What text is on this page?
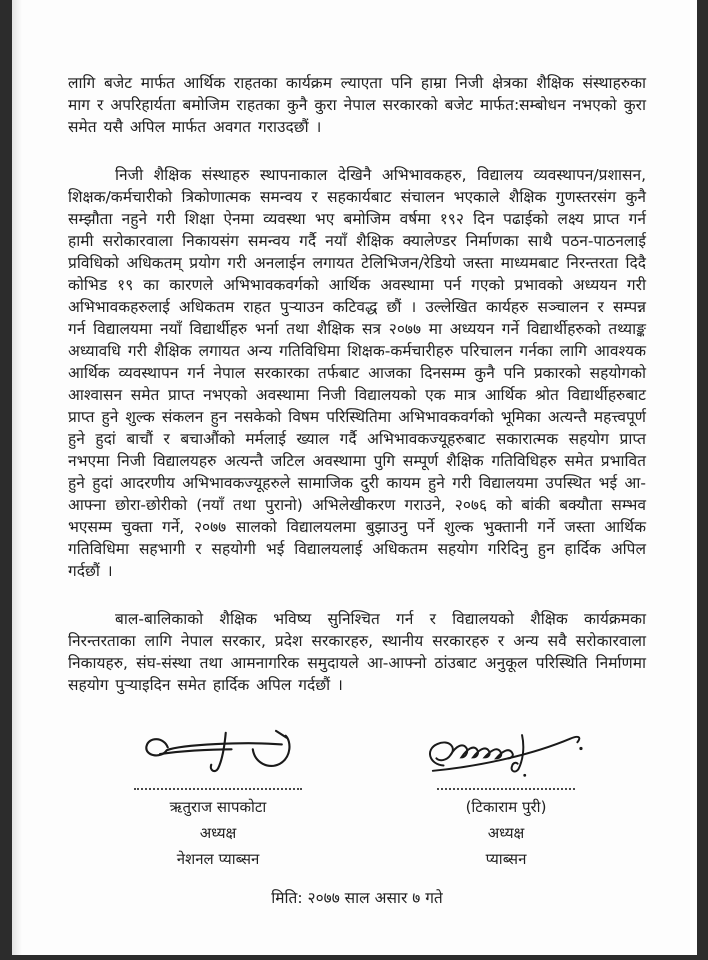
लागि बजेट मार्फत आर्थिक राहतका कार्यक्रम ल्याएता पनि हाम्रा निजी क्षेत्रका शैक्षिक संस्थाहरुका माग र अपरिहार्यता बमोजिम राहतका कुनै कुरा नेपाल सरकारको बजेट मार्फत:सम्बोधन नभएको कुरा समेत यसै अपिल मार्फत अवगत गराउदछौं ।

निजी शैक्षिक संस्थाहरु स्थापनाकाल देखिनै अभिभावकहरु, विद्यालय व्यवस्थापन/प्रशासन, शिक्षक/कर्मचारीको त्रिकोणात्मक समन्वय र सहकार्यबाट संचालन भएकाले शैक्षिक गुणस्तरसंग कुनै सम्झौता नहुने गरी शिक्षा ऐनमा व्यवस्था भए बमोजिम वर्षमा १९२ दिन पढाईको लक्ष्य प्राप्त गर्न हामी सरोकारवाला निकायसंग समन्वय गर्दै नयाँ शैक्षिक क्यालेण्डर निर्माणका साथै पठन-पाठनलाई प्रविधिको अधिकतम् प्रयोग गरी अनलाईन लगायत टेलिभिजन/रेडियो जस्ता माध्यमबाट निरन्तरता दिदै कोभिड १९ का कारणले अभिभावकवर्गको आर्थिक अवस्थामा पर्न गएको प्रभावको अध्ययन गरी अभिभावकहरुलाई अधिकतम राहत पुऱ्याउन कटिवद्ध छौं । उल्लेखित कार्यहरु सञ्चालन र सम्पन्न गर्न विद्यालयमा नयाँ विद्यार्थीहरु भर्ना तथा शैक्षिक सत्र २०७७ मा अध्ययन गर्ने विद्यार्थीहरुको तथ्याङ्क अध्यावधि गरी शैक्षिक लगायत अन्य गतिविधिमा शिक्षक-कर्मचारीहरु परिचालन गर्नका लागि आवश्यक आर्थिक व्यवस्थापन गर्न नेपाल सरकारका तर्फबाट आजका दिनसम्म कुनै पनि प्रकारको सहयोगको आश्वासन समेत प्राप्त नभएको अवस्थामा निजी विद्यालयको एक मात्र आर्थिक श्रोत विद्यार्थीहरुबाट प्राप्त हुने शुल्क संकलन हुन नसकेको विषम परिस्थितिमा अभिभावकवर्गको भूमिका अत्यन्तै महत्त्वपूर्ण हुने हुदां बाचौं र बचाऔंको मर्मलाई ख्याल गर्दै अभिभावकज्यूहरुबाट सकारात्मक सहयोग प्राप्त नभएमा निजी विद्यालयहरु अत्यन्तै जटिल अवस्थामा पुगि सम्पूर्ण शैक्षिक गतिविधिहरु समेत प्रभावित हुने हुदां आदरणीय अभिभावकज्यूहरुले सामाजिक दुरी कायम हुने गरी विद्यालयमा उपस्थित भई आ-आफ्ना छोरा-छोरीको (नयाँ तथा पुरानो) अभिलेखीकरण गराउने, २०७६ को बांकी बक्यौता सम्भव भएसम्म चुक्ता गर्ने, २०७७ सालको विद्यालयलमा बुझाउनु पर्ने शुल्क भुक्तानी गर्ने जस्ता आर्थिक गतिविधिमा सहभागी र सहयोगी भई विद्यालयलाई अधिकतम सहयोग गरिदिनु हुन हार्दिक अपिल गर्दछौं ।

बाल-बालिकाको शैक्षिक भविष्य सुनिश्चित गर्न र विद्यालयको शैक्षिक कार्यक्रमका निरन्तरताका लागि नेपाल सरकार, प्रदेश सरकारहरु, स्थानीय सरकारहरु र अन्य सवै सरोकारवाला निकायहरु, संघ-संस्था तथा आमनागरिक समुदायले आ-आफ्नो ठांउबाट अनुकूल परिस्थिति निर्माणमा सहयोग पुऱ्याइदिन समेत हार्दिक अपिल गर्दछौं ।

ऋतुराज सापकोटा
अध्यक्ष
नेशनल प्याब्सन
(टिकाराम पुरी)
अध्यक्ष
प्याब्सन
मिति: २०७७ साल असार ७ गते
